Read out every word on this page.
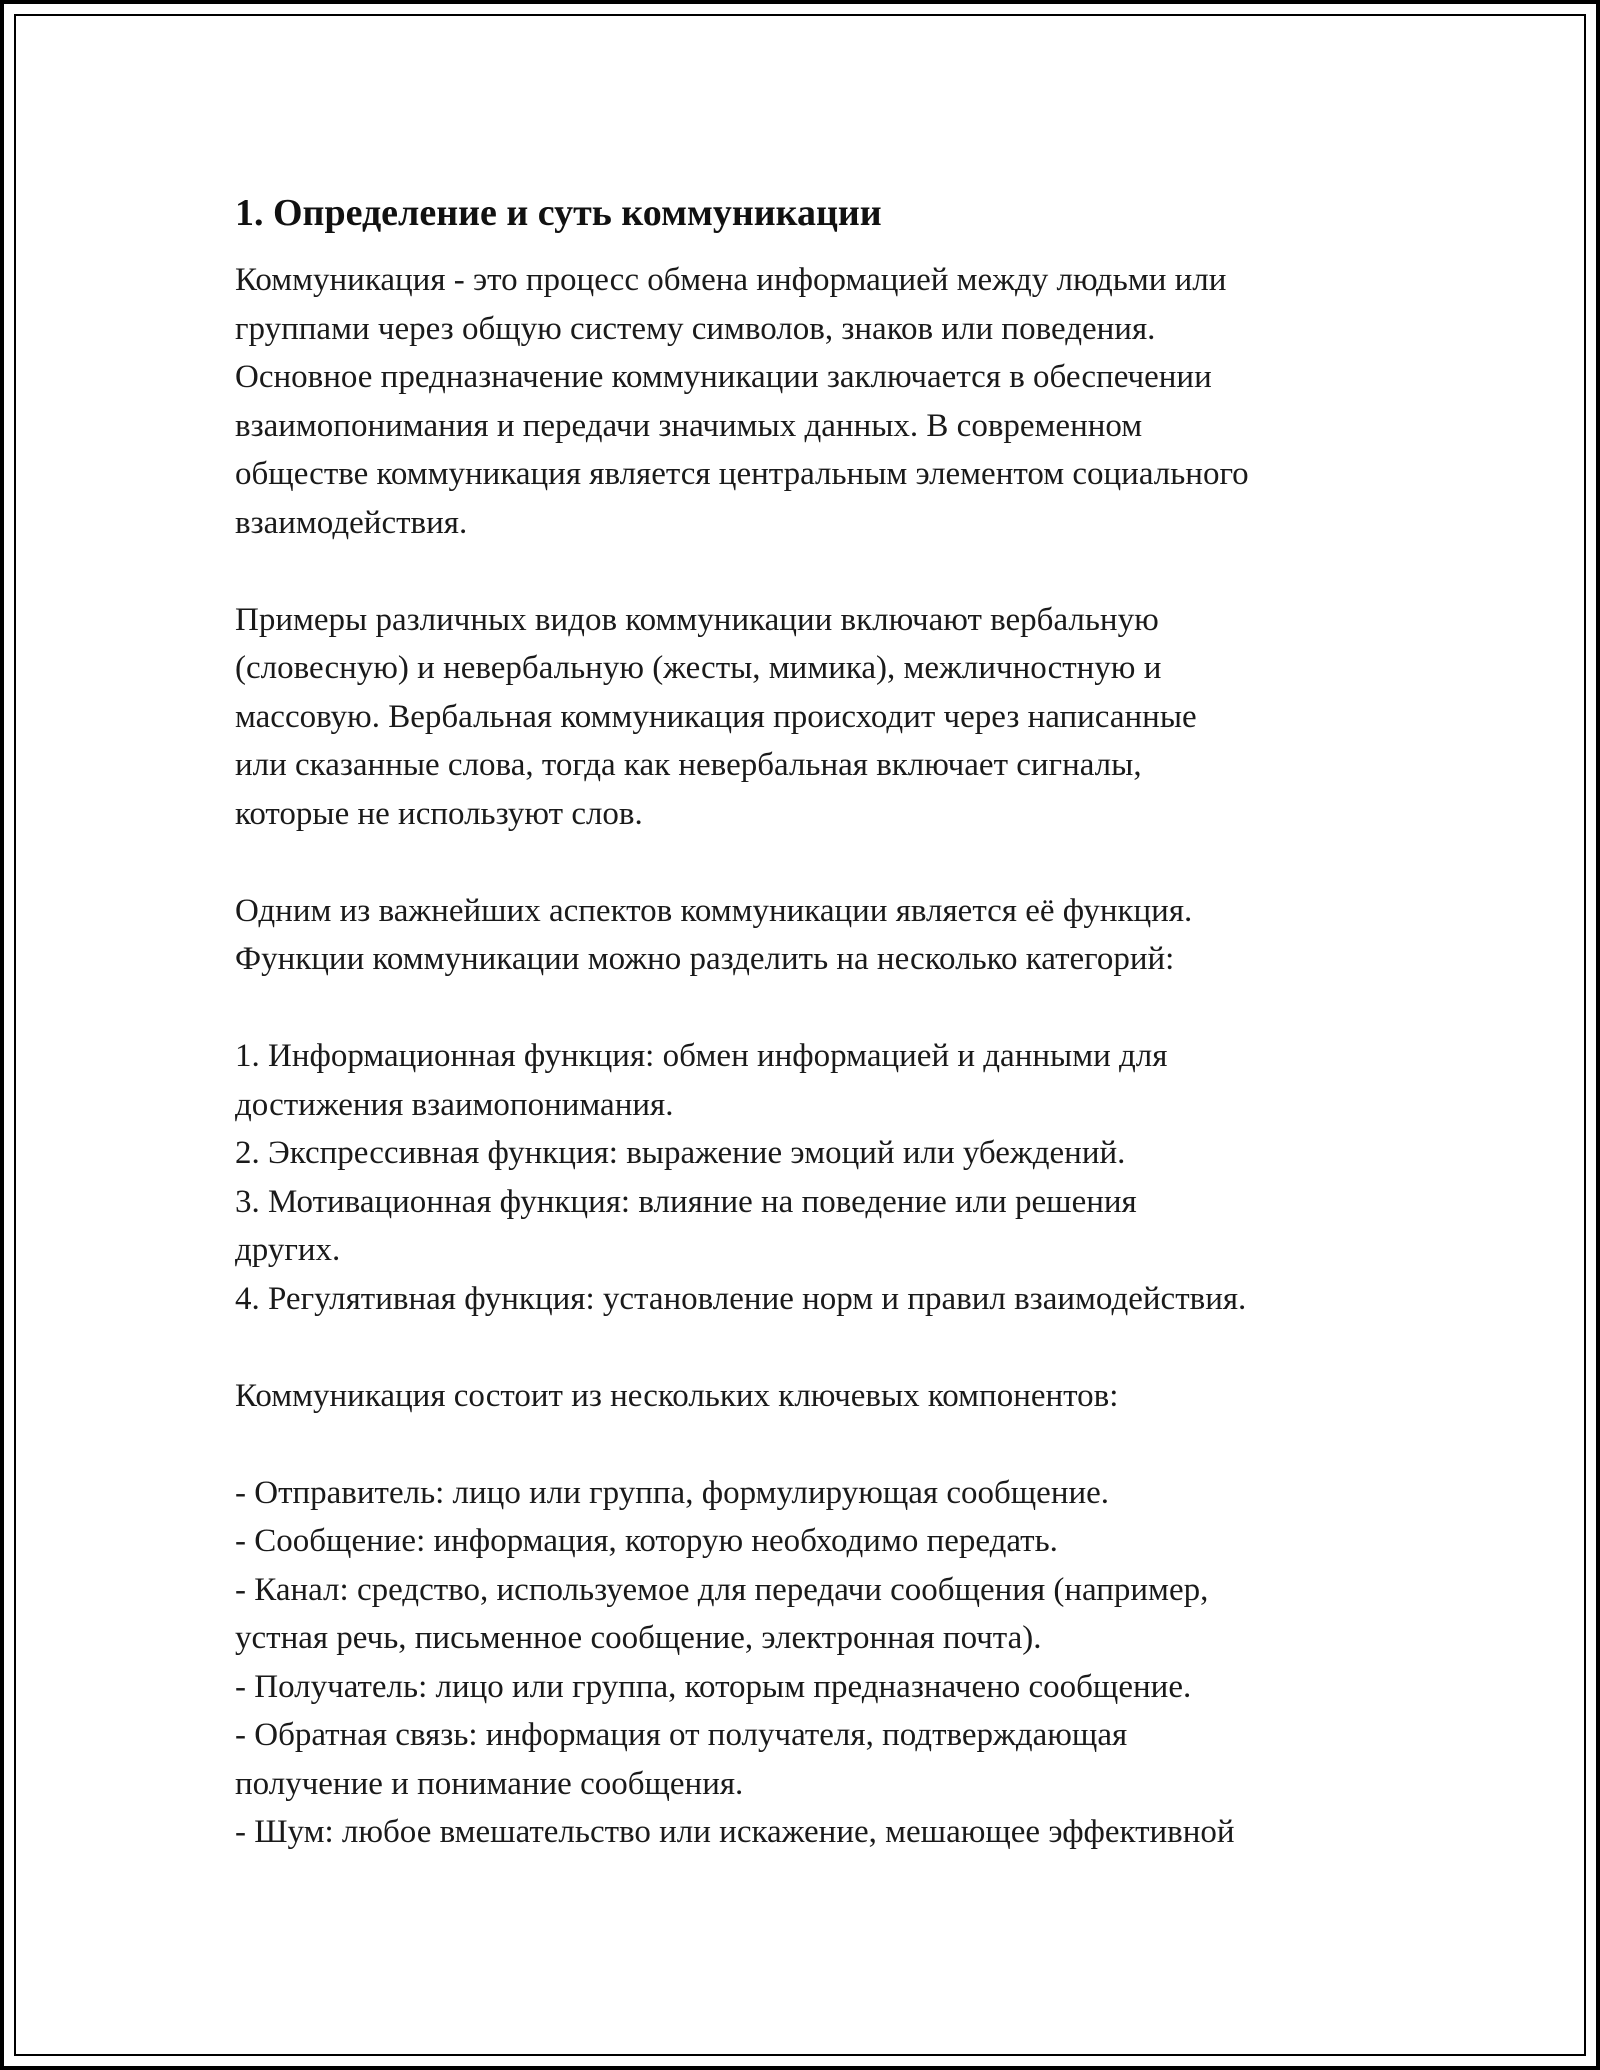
1. Определение и суть коммуникации
Коммуникация - это процесс обмена информацией между людьми или
группами через общую систему символов, знаков или поведения.
Основное предназначение коммуникации заключается в обеспечении
взаимопонимания и передачи значимых данных. В современном
обществе коммуникация является центральным элементом социального
взаимодействия.
Примеры различных видов коммуникации включают вербальную
(словесную) и невербальную (жесты, мимика), межличностную и
массовую. Вербальная коммуникация происходит через написанные
или сказанные слова, тогда как невербальная включает сигналы,
которые не используют слов.
Одним из важнейших аспектов коммуникации является её функция.
Функции коммуникации можно разделить на несколько категорий:
1. Информационная функция: обмен информацией и данными для
достижения взаимопонимания.
2. Экспрессивная функция: выражение эмоций или убеждений.
3. Мотивационная функция: влияние на поведение или решения
других.
4. Регулятивная функция: установление норм и правил взаимодействия.
Коммуникация состоит из нескольких ключевых компонентов:
- Отправитель: лицо или группа, формулирующая сообщение.
- Сообщение: информация, которую необходимо передать.
- Канал: средство, используемое для передачи сообщения (например,
устная речь, письменное сообщение, электронная почта).
- Получатель: лицо или группа, которым предназначено сообщение.
- Обратная связь: информация от получателя, подтверждающая
получение и понимание сообщения.
- Шум: любое вмешательство или искажение, мешающее эффективной
